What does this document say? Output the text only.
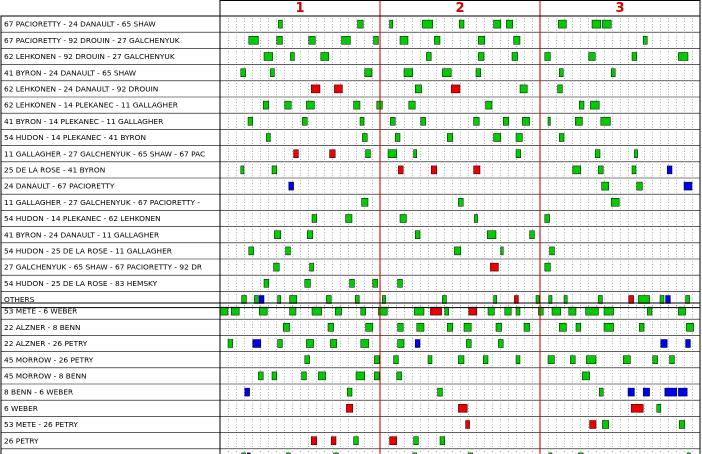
67 PACIORETTY - 24 DANAULT - 65 SHAW
67 PACIORETTY - 92 DROUIN - 27 GALCHENYUK
62 LEHKONEN - 92 DROUIN - 27 GALCHENYUK
41 BYRON - 24 DANAULT - 65 SHAW
62 LEHKONEN - 24 DANAULT - 92 DROUIN
62 LEHKONEN - 14 PLEKANEC - 11 GALLAGHER
41 BYRON - 14 PLEKANEC - 11 GALLAGHER
54 HUDON - 14 PLEKANEC - 41 BYRON
11 GALLAGHER - 27 GALCHENYUK - 65 SHAW - 67 PAC
25 DE LA ROSE - 41 BYRON
24 DANAULT - 67 PACIORETTY
11 GALLAGHER - 27 GALCHENYUK - 67 PACIORETTY -
54 HUDON - 14 PLEKANEC - 62 LEHKONEN
41 BYRON - 24 DANAULT - 11 GALLAGHER
54 HUDON - 25 DE LA ROSE - 11 GALLAGHER
27 GALCHENYUK - 65 SHAW - 67 PACIORETTY - 92 DR
54 HUDON - 25 DE LA ROSE - 83 HEMSKY
OTHERS
53 METE - 6 WEBER
22 ALZNER - 8 BENN
22 ALZNER - 26 PETRY
45 MORROW - 26 PETRY
45 MORROW - 8 BENN
8 BENN - 6 WEBER
6 WEBER
53 METE - 26 PETRY
26 PETRY
1	2	3
